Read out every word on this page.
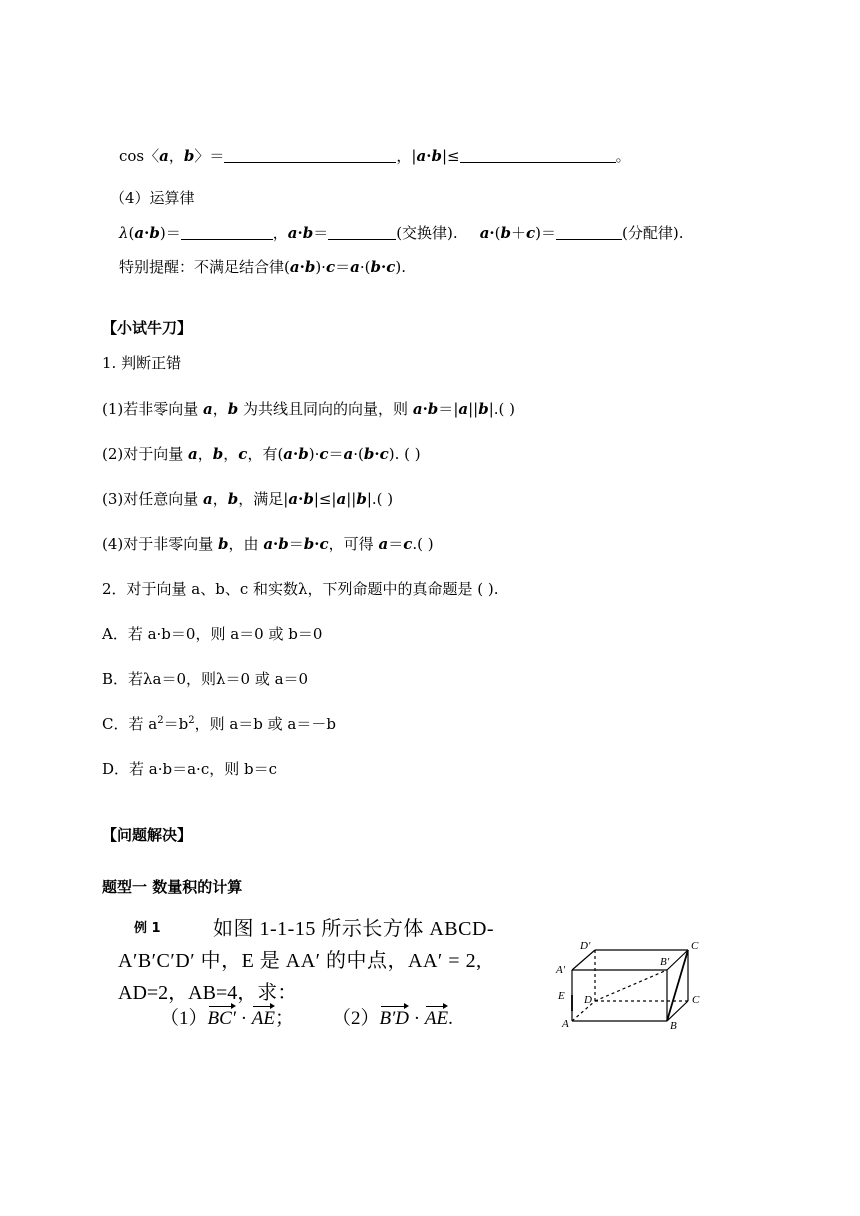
cos〈a，b〉＝	，|a·b|≤	。
（4）运算律
λ(a·b)＝	，a·b＝	(交换律). a·(b＋c)＝	(分配律).
特别提醒：不满足结合律(a·b)·c＝a·(b·c).
【小试牛刀】
1. 判断正错
(1)若非零向量 a，b 为共线且同向的向量，则 a·b＝|a||b|.( )
(2)对于向量 a，b，c，有(a·b)·c＝a·(b·c). ( )
(3)对任意向量 a，b，满足|a·b|≤|a||b|.( )
(4)对于非零向量 b，由 a·b＝b·c，可得 a＝c.( )
2．对于向量 a、b、c 和实数λ，下列命题中的真命题是 ( ).
A．若 a·b＝0，则 a＝0 或 b＝0
B．若λa＝0，则λ＝0 或 a＝0
C．若 $a^2=b^2$，则 a＝b 或 a＝－b
D．若 a·b＝a·c，则 b＝c
【问题解决】
题型一 数量积的计算
例 1	如图 1-1-15 所示长方体 ABCD-
A′B′C′D′ 中，E 是 AA′ 的中点，AA′ = 2,
AD=2，AB=4，求：
（1）BC′ · AE； （2）B′D · AE.
D′	C
A′
B′
E D	C
A	B
